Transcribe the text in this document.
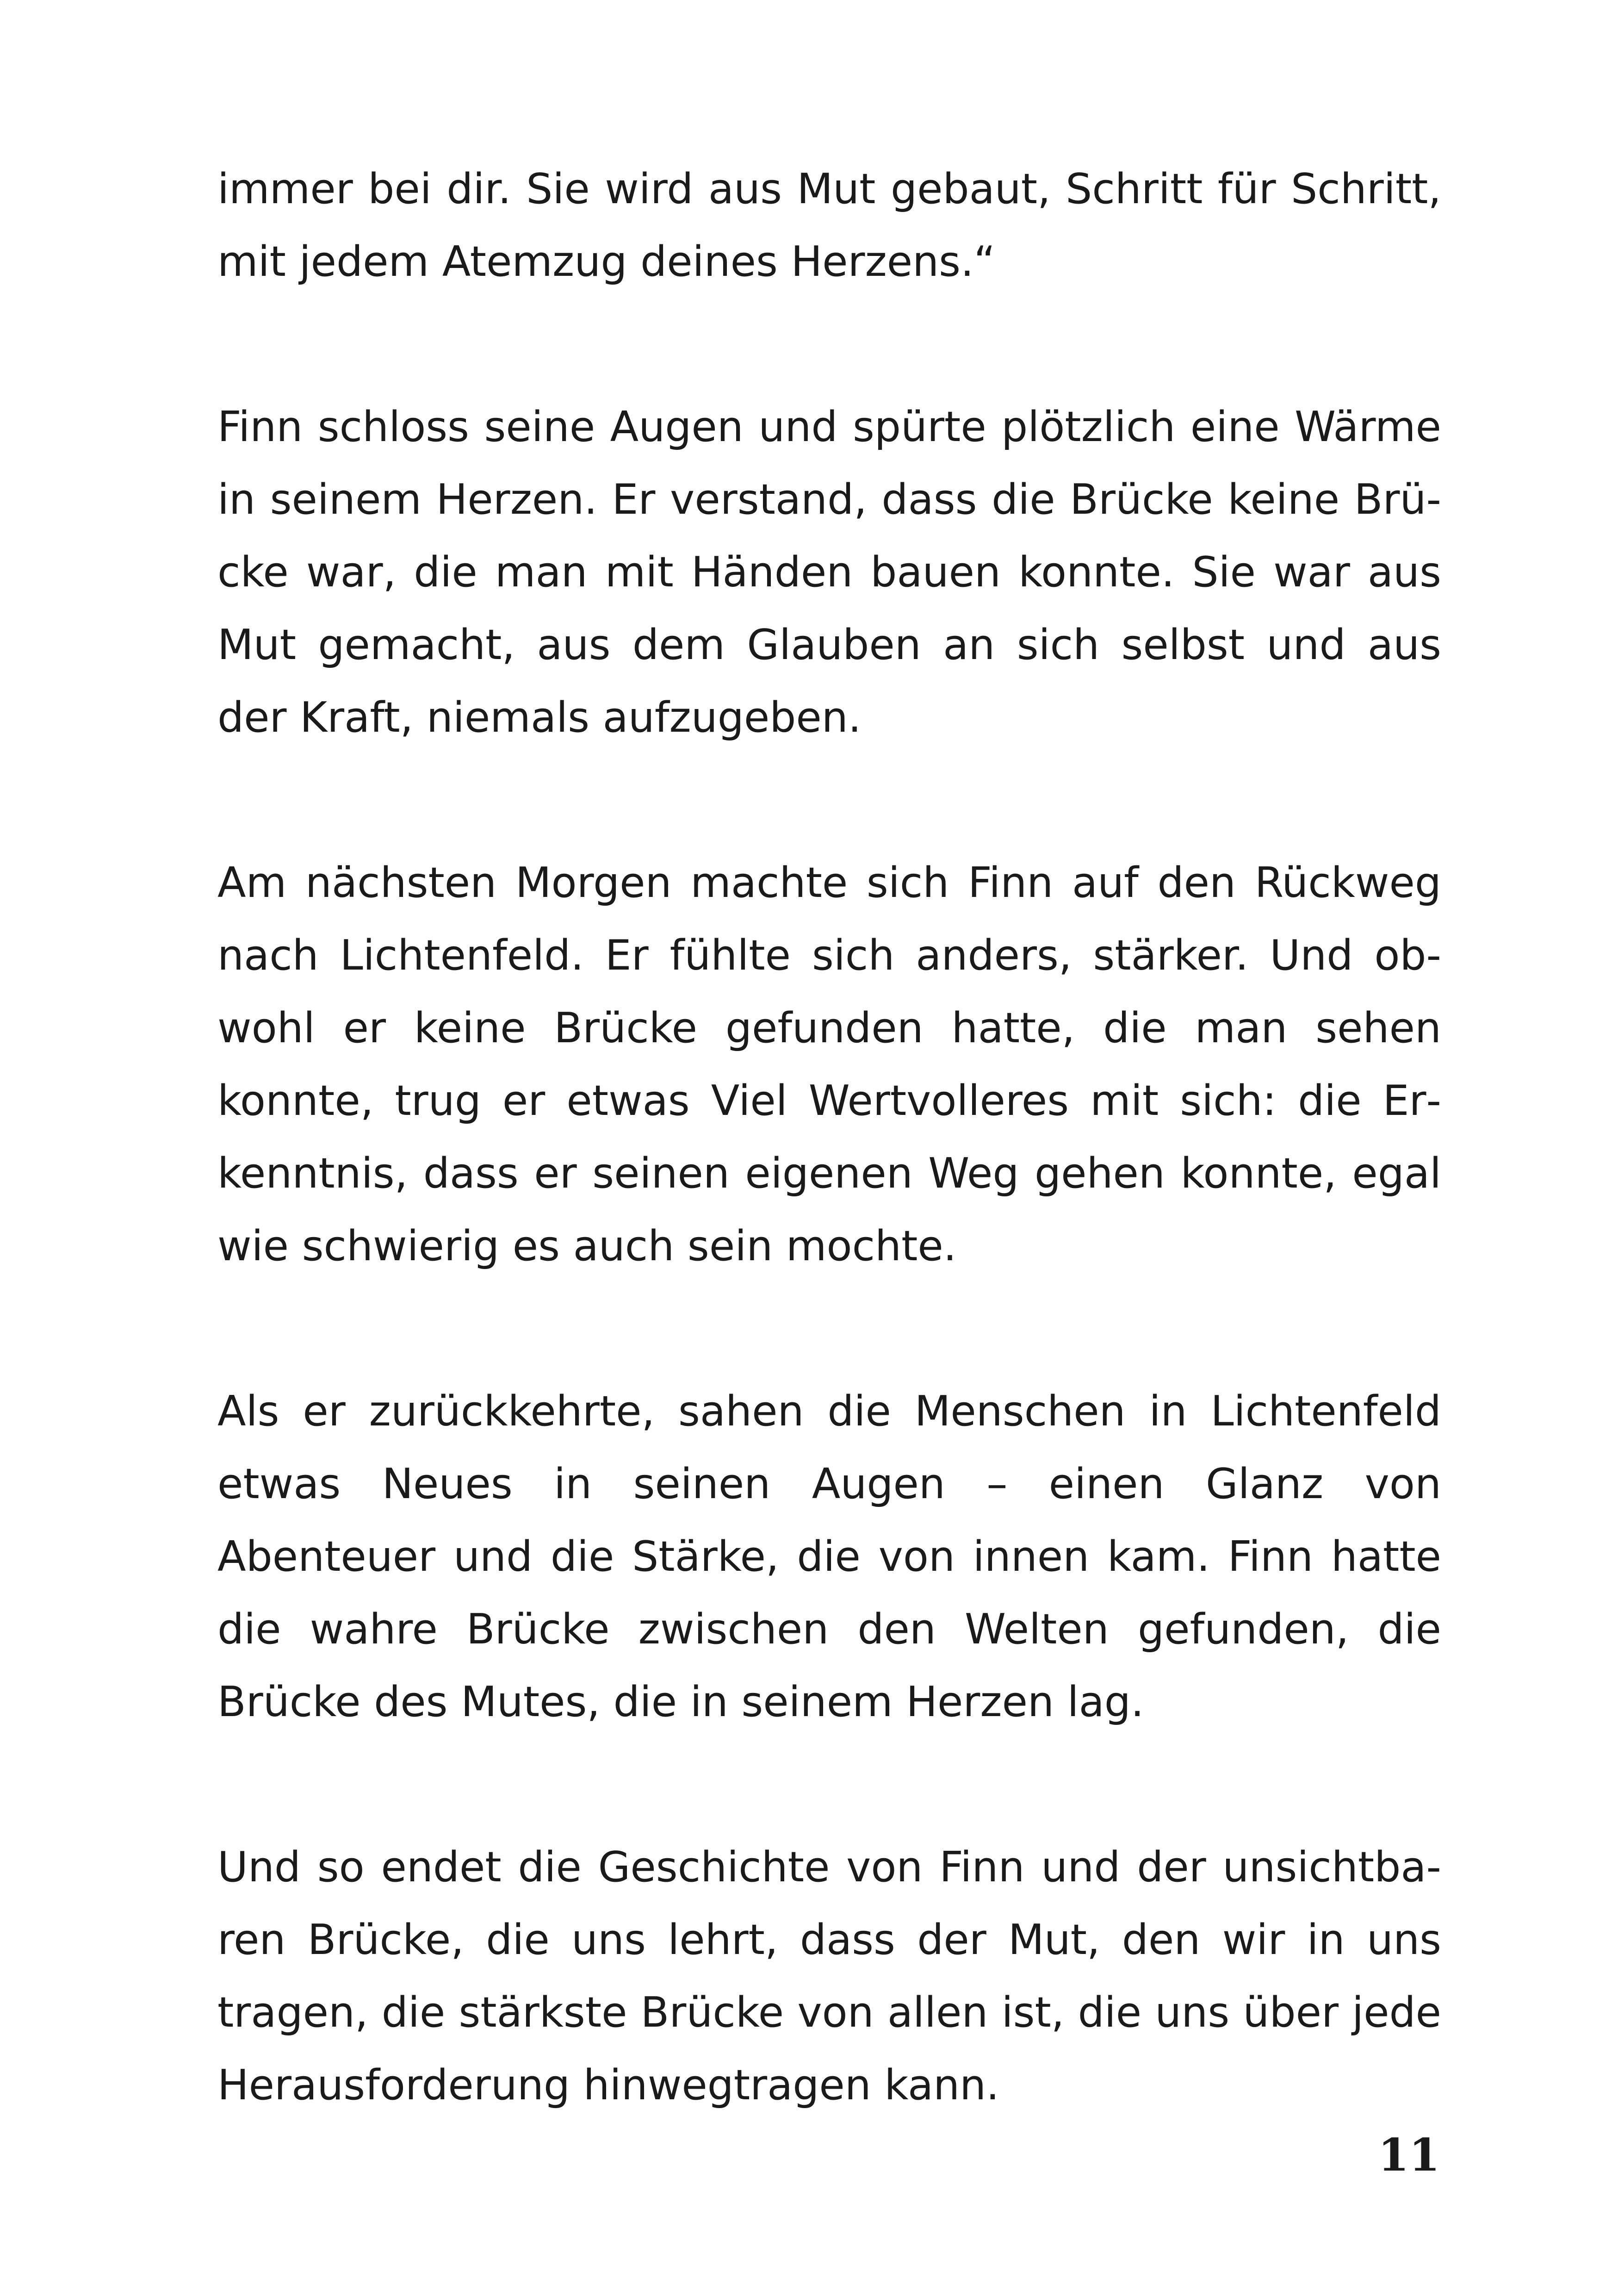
immer bei dir. Sie wird aus Mut gebaut, Schritt für Schritt, mit jedem Atemzug deines Herzens.“

Finn schloss seine Augen und spürte plötzlich eine Wärme in seinem Herzen. Er verstand, dass die Brücke keine Brücke war, die man mit Händen bauen konnte. Sie war aus Mut gemacht, aus dem Glauben an sich selbst und aus der Kraft, niemals aufzugeben.

Am nächsten Morgen machte sich Finn auf den Rückweg nach Lichtenfeld. Er fühlte sich anders, stärker. Und obwohl er keine Brücke gefunden hatte, die man sehen konnte, trug er etwas Viel Wertvolleres mit sich: die Erkenntnis, dass er seinen eigenen Weg gehen konnte, egal wie schwierig es auch sein mochte.

Als er zurückkehrte, sahen die Menschen in Lichtenfeld etwas Neues in seinen Augen – einen Glanz von Abenteuer und die Stärke, die von innen kam. Finn hatte die wahre Brücke zwischen den Welten gefunden, die Brücke des Mutes, die in seinem Herzen lag.

Und so endet die Geschichte von Finn und der unsichtbaren Brücke, die uns lehrt, dass der Mut, den wir in uns tragen, die stärkste Brücke von allen ist, die uns über jede Herausforderung hinwegtragen kann.

11
